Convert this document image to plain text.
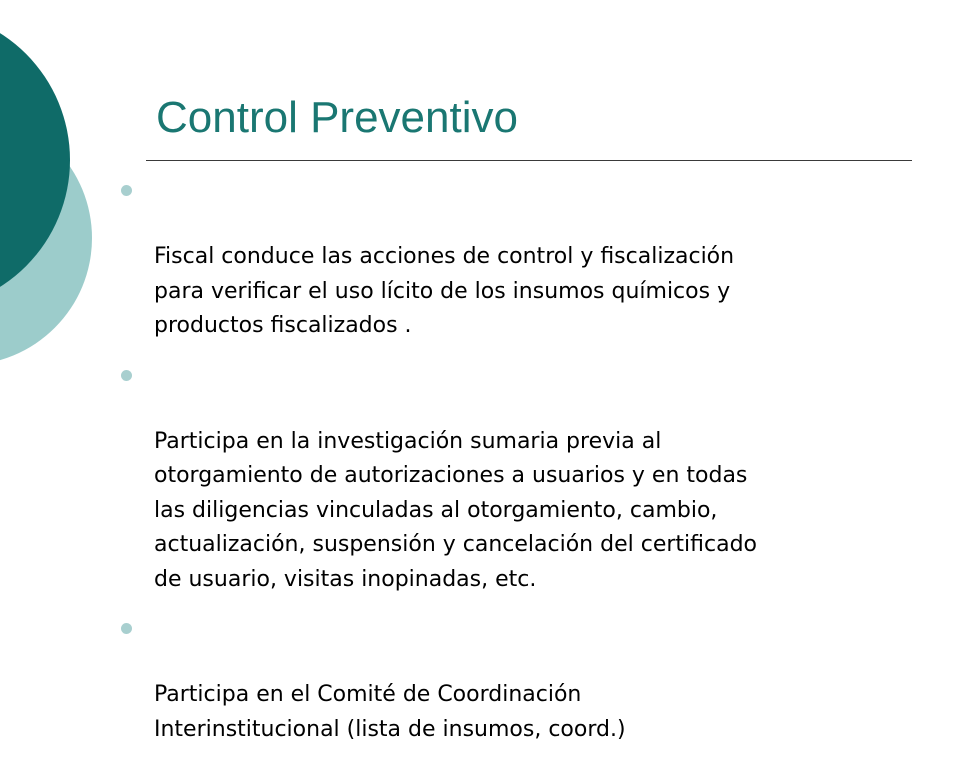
Control Preventivo

Fiscal conduce las acciones de control y fiscalización
para verificar el uso lícito de los insumos químicos y
productos fiscalizados .

Participa en la investigación sumaria previa al
otorgamiento de autorizaciones a usuarios y en todas
las diligencias vinculadas al otorgamiento, cambio,
actualización, suspensión y cancelación del certificado
de usuario, visitas inopinadas, etc.

Participa en el Comité de Coordinación
Interinstitucional (lista de insumos, coord.)
